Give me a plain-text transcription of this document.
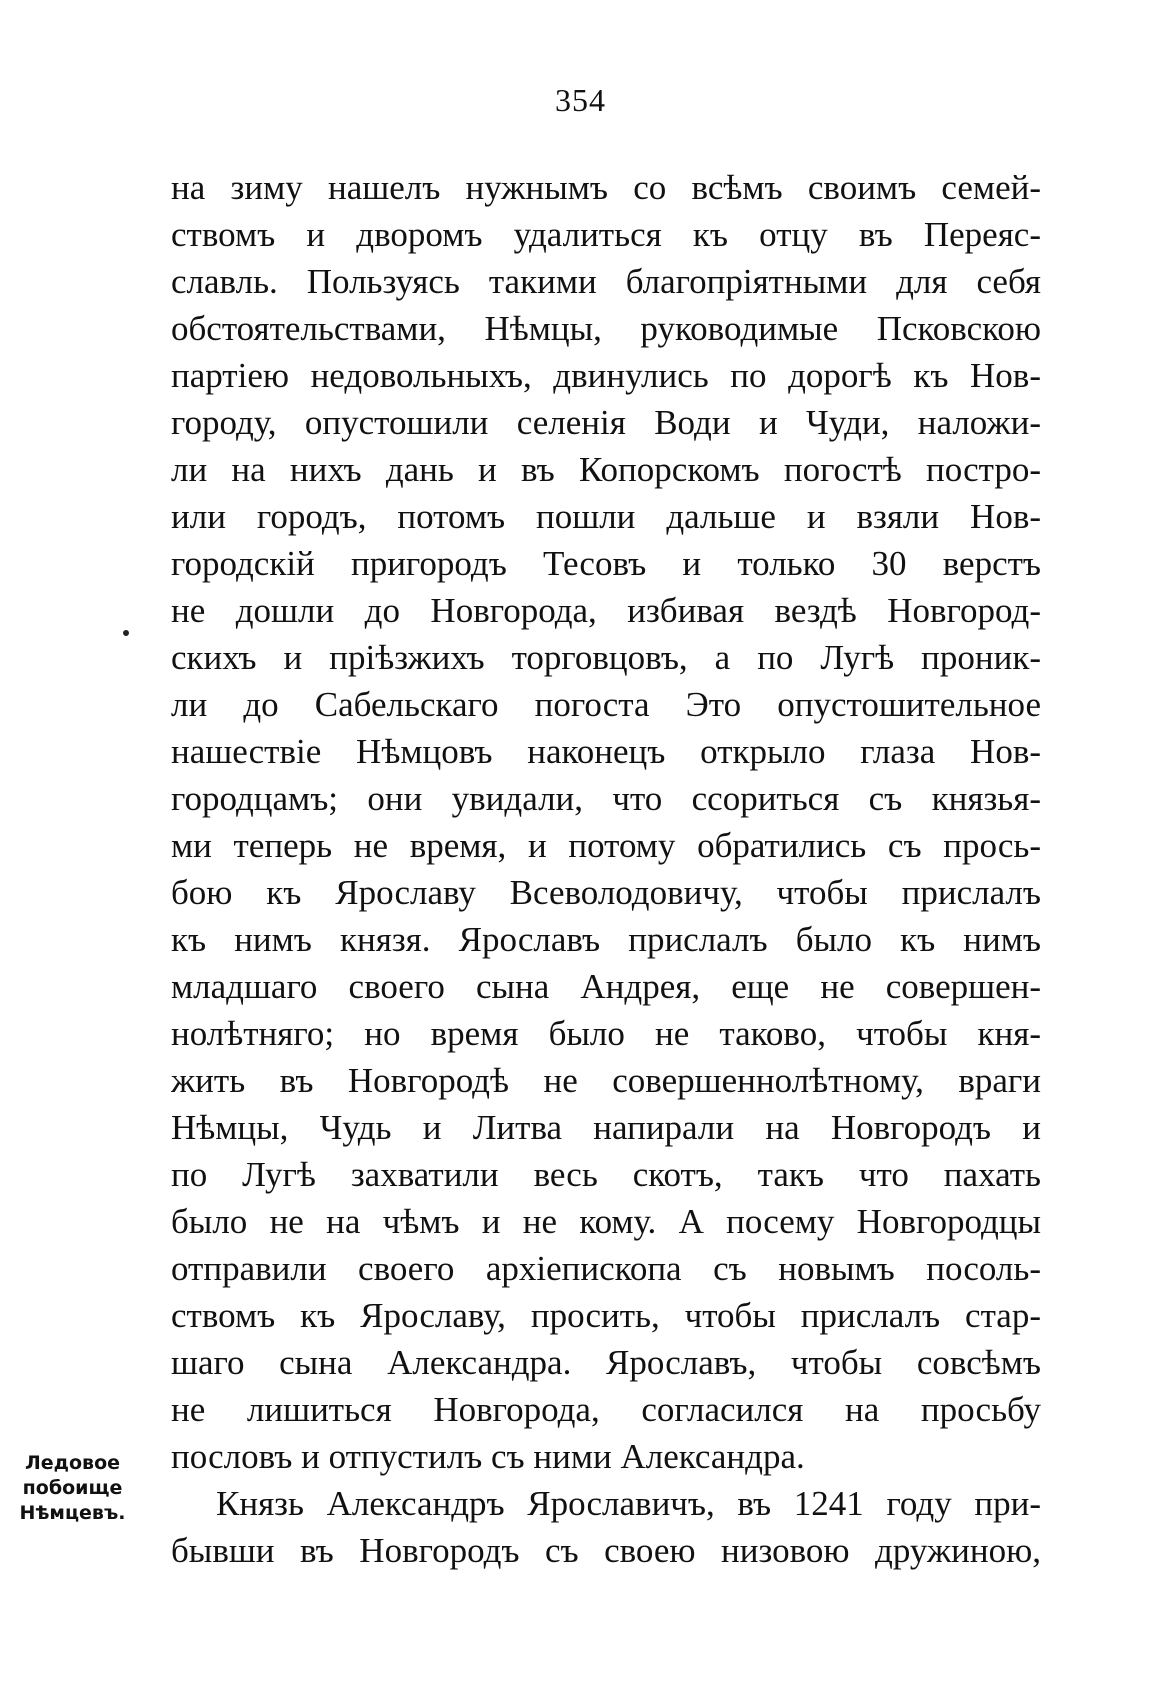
354
Ледовое
побоище
Нѣмцевъ.
на зиму нашелъ нужнымъ со всѣмъ своимъ семей-
ствомъ и дворомъ удалиться къ отцу въ Переяс-
славль. Пользуясь такими благопріятными для себя
обстоятельствами, Нѣмцы, руководимые Псковскою
партіею недовольныхъ, двинулись по дорогѣ къ Нов-
городу, опустошили селенія Води и Чуди, наложи-
ли на нихъ дань и въ Копорскомъ погостѣ постро-
или городъ, потомъ пошли дальше и взяли Нов-
городскій пригородъ Тесовъ и только 30 верстъ
не дошли до Новгорода, избивая вездѣ Новгород-
скихъ и пріѣзжихъ торговцовъ, а по Лугѣ проник-
ли до Сабельскаго погоста Это опустошительное
нашествіе Нѣмцовъ наконецъ открыло глаза Нов-
городцамъ; они увидали, что ссориться съ князья-
ми теперь не время, и потому обратились съ прось-
бою къ Ярославу Всеволодовичу, чтобы прислалъ
къ нимъ князя. Ярославъ прислалъ было къ нимъ
младшаго своего сына Андрея, еще не совершен-
нолѣтняго; но время было не таково, чтобы кня-
жить въ Новгородѣ не совершеннолѣтному, враги
Нѣмцы, Чудь и Литва напирали на Новгородъ и
по Лугѣ захватили весь скотъ, такъ что пахать
было не на чѣмъ и не кому. А посему Новгородцы
отправили своего архіепископа съ новымъ посоль-
ствомъ къ Ярославу, просить, чтобы прислалъ стар-
шаго сына Александра. Ярославъ, чтобы совсѣмъ
не лишиться Новгорода, согласился на просьбу
пословъ и отпустилъ съ ними Александра.
Князь Александръ Ярославичъ, въ 1241 году при-
бывши въ Новгородъ съ своею низовою дружиною,
